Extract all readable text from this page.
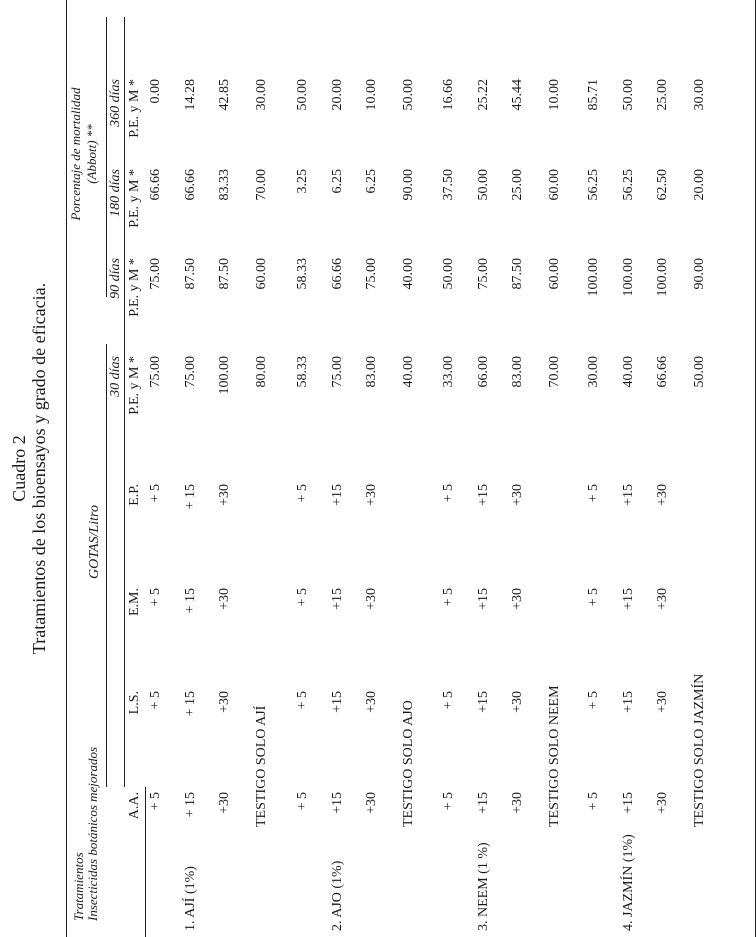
Cuadro 2 Tratamientos de los bioensayos y grado de eficacia.
Tratamientos Insecticidas botánicos mejorados
GOTAS/Litro
Porcentaje de mortalidad (Abbott) **
30 días
90 días
180 días
360 días
A.A.
L.S.
E.M.
E.P.
P.E. y M *
P.E. y M *
P.E. y M *
P.E. y M *
1. AJÍ (1%)
+ 5
+ 5
+ 5
+ 5
75.00
75.00
66.66
0.00
+ 15
+ 15
+ 15
+ 15
75.00
87.50
66.66
14.28
+30
+30
+30
+30
100.00
87.50
83.33
42.85
TESTIGO SOLO AJÍ
80.00
60.00
70.00
30.00
2. AJO (1%)
+ 5
+ 5
+ 5
+ 5
58.33
58.33
3.25
50.00
+15
+15
+15
+15
75.00
66.66
6.25
20.00
+30
+30
+30
+30
83.00
75.00
6.25
10.00
TESTIGO SOLO AJO
40.00
40.00
90.00
50.00
3. NEEM (1 %)
+ 5
+ 5
+ 5
+ 5
33.00
50.00
37.50
16.66
+15
+15
+15
+15
66.00
75.00
50.00
25.22
+30
+30
+30
+30
83.00
87.50
25.00
45.44
TESTIGO SOLO NEEM
70.00
60.00
60.00
10.00
4. JAZMÍN (1%)
+ 5
+ 5
+ 5
+ 5
30.00
100.00
56.25
85.71
+15
+15
+15
+15
40.00
100.00
56.25
50.00
+30
+30
+30
+30
66.66
100.00
62.50
25.00
TESTIGO SOLO JAZMÍN
50.00
90.00
20.00
30.00
